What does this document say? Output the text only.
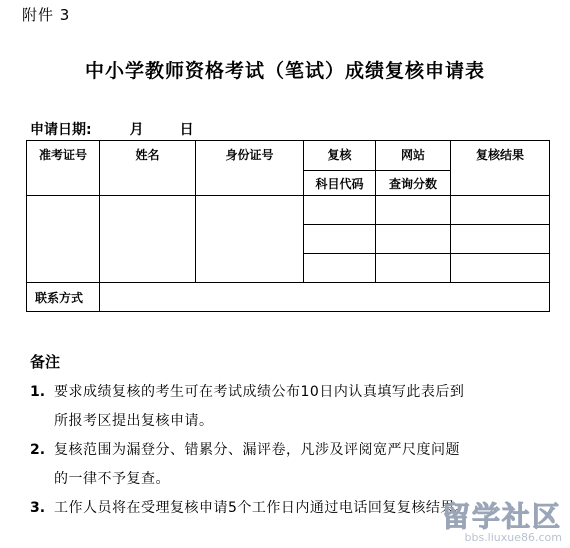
附件 3
中小学教师资格考试（笔试）成绩复核申请表
申请日期:	月	日
准考证号	姓名	身份证号	复核	网站	复核结果
			科目代码	查询分数	

联系方式					
备注
1. 要求成绩复核的考生可在考试成绩公布10日内认真填写此表后到
所报考区提出复核申请。
2. 复核范围为漏登分、错累分、漏评卷，凡涉及评阅宽严尺度问题
的一律不予复查。
3. 工作人员将在受理复核申请5个工作日内通过电话回复复核结果。
留学社区
bbs.liuxue86.com
